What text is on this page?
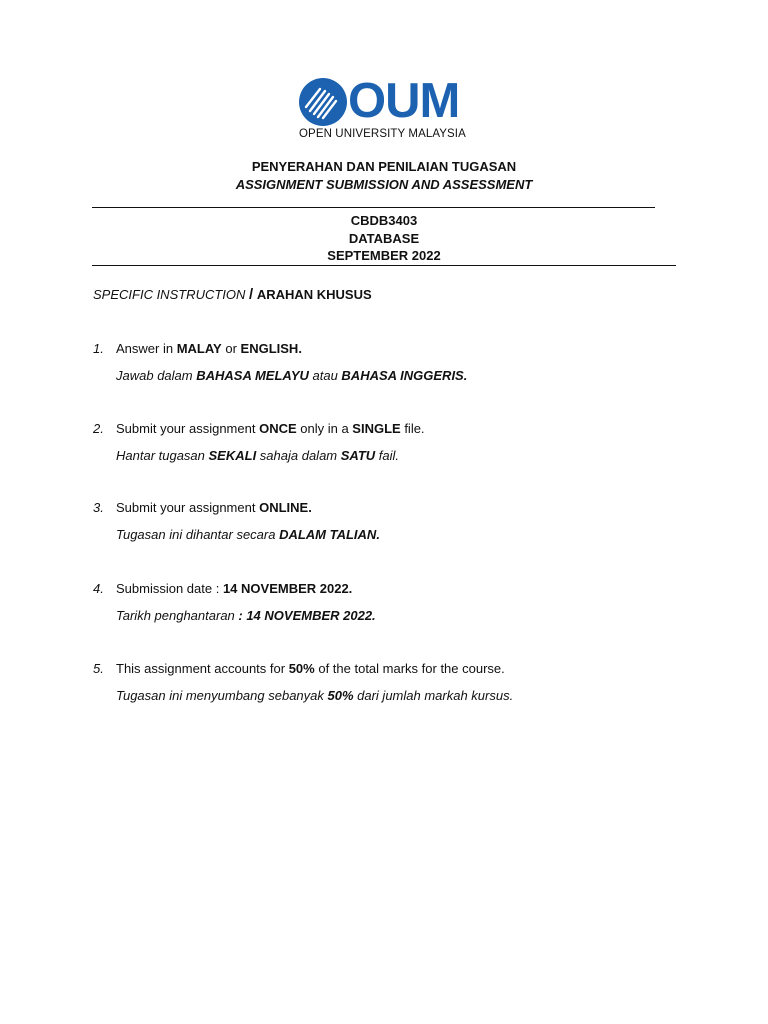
OUM
OPEN UNIVERSITY MALAYSIA
PENYERAHAN DAN PENILAIAN TUGASAN
ASSIGNMENT SUBMISSION AND ASSESSMENT
CBDB3403
DATABASE
SEPTEMBER 2022
SPECIFIC INSTRUCTION / ARAHAN KHUSUS
1. Answer in MALAY or ENGLISH.
Jawab dalam BAHASA MELAYU atau BAHASA INGGERIS.
2. Submit your assignment ONCE only in a SINGLE file.
Hantar tugasan SEKALI sahaja dalam SATU fail.
3. Submit your assignment ONLINE.
Tugasan ini dihantar secara DALAM TALIAN.
4. Submission date : 14 NOVEMBER 2022.
Tarikh penghantaran : 14 NOVEMBER 2022.
5. This assignment accounts for 50% of the total marks for the course.
Tugasan ini menyumbang sebanyak 50% dari jumlah markah kursus.
